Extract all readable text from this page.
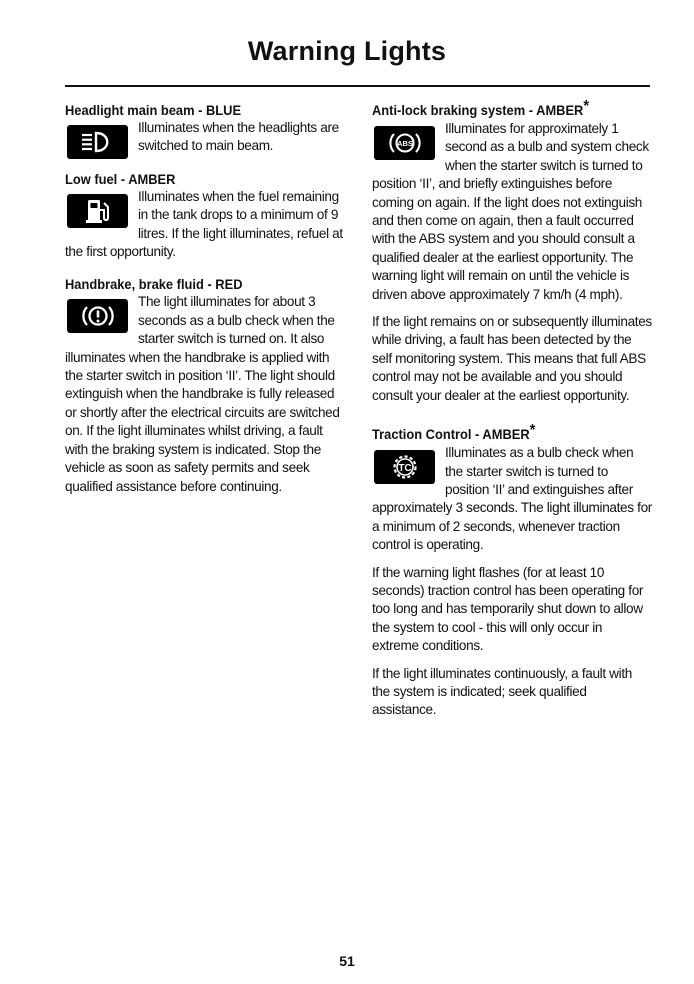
Warning Lights

Headlight main beam - BLUE

Illuminates when the headlights are switched to main beam.

Low fuel - AMBER

Illuminates when the fuel remaining in the tank drops to a minimum of 9 litres. If the light illuminates, refuel at the first opportunity.

Handbrake, brake fluid - RED

The light illuminates for about 3 seconds as a bulb check when the starter switch is turned on. It also illuminates when the handbrake is applied with the starter switch in position ‘II’. The light should extinguish when the handbrake is fully released or shortly after the electrical circuits are switched on. If the light illuminates whilst driving, a fault with the braking system is indicated. Stop the vehicle as soon as safety permits and seek qualified assistance before continuing.

Anti-lock braking system - AMBER*

ABS

Illuminates for approximately 1 second as a bulb and system check when the starter switch is turned to position ‘II’, and briefly extinguishes before coming on again. If the light does not extinguish and then come on again, then a fault occurred with the ABS system and you should consult a qualified dealer at the earliest opportunity. The warning light will remain on until the vehicle is driven above approximately 7 km/h (4 mph).

If the light remains on or subsequently illuminates while driving, a fault has been detected by the self monitoring system. This means that full ABS control may not be available and you should consult your dealer at the earliest opportunity.

Traction Control - AMBER*

TC

Illuminates as a bulb check when the starter switch is turned to position ‘II’ and extinguishes after approximately 3 seconds. The light illuminates for a minimum of 2 seconds, whenever traction control is operating.

If the warning light flashes (for at least 10 seconds) traction control has been operating for too long and has temporarily shut down to allow the system to cool - this will only occur in extreme conditions.

If the light illuminates continuously, a fault with the system is indicated; seek qualified assistance.

51
